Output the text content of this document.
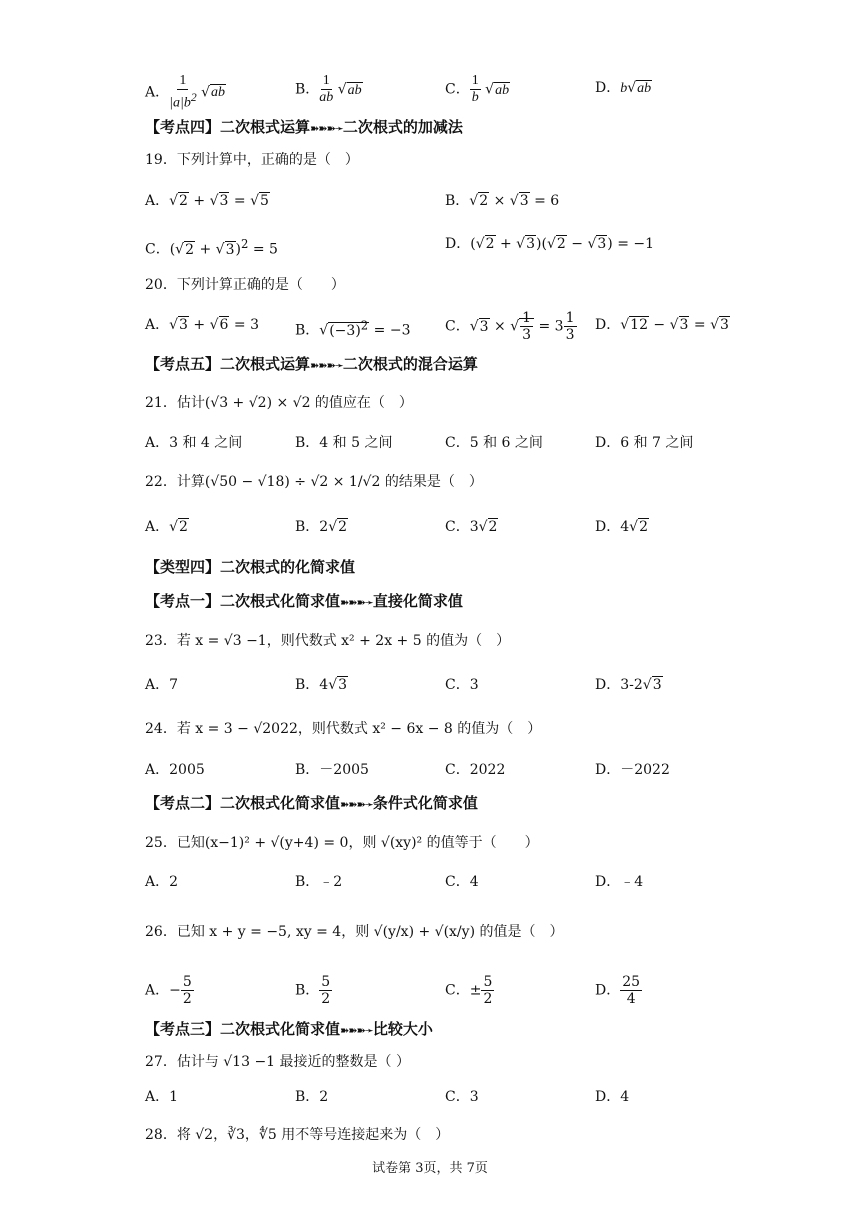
A． $\frac{1}{|a|b^2} √ab$	B． $\frac{1}{ab} √ab$	C． $\frac{1}{b} √ab$	D．b√ab
【考点四】二次根式运算➽➽➽➛二次根式的加减法
19．下列计算中，正确的是（　）
A．√2 + √3 = √5	B．√2 × √3 = 6
C．$(√2 + √3)^2 = 5$	D．(√2 + √3)(√2 − √3) = −1
20．下列计算正确的是（　　）
A．√3 + √6 = 3	B．$√(-3)^2 = -3$ C．√3 × √ $\frac{1}{3} = 3 \frac{1}{3}$ D．√12 − √3 = √3
【考点五】二次根式运算➽➽➽➛二次根式的混合运算
21．估计(√3 + √2) × √2 的值应在（　）
A．3 和 4 之间	B．4 和 5 之间	C．5 和 6 之间	D．6 和 7 之间
22．计算(√50 − √18) ÷ √2 × 1/√2 的结果是（　）
A．√2	B．2√2	C．3√2	D．4√2
【类型四】二次根式的化简求值
【考点一】二次根式化简求值➽➽➽➛直接化简求值
23．若 x = √3 −1，则代数式 x² + 2x + 5 的值为（　）
A．7	B．4√3	C．3	D．3-2√3
24．若 x = 3 − √2022，则代数式 x² − 6x − 8 的值为（　）
A．2005	B．－2005	C．2022	D．－2022
【考点二】二次根式化简求值➽➽➽➛条件式化简求值
25．已知(x−1)² + √(y+4) = 0，则 √(xy)² 的值等于（　　）
A．2	B．﹣2	C．4	D．﹣4
26．已知 x + y = −5, xy = 4，则 √(y/x) + √(x/y) 的值是（　）
A．− $\frac{5}{2}$	B． $\frac{5}{2}$	C．± $\frac{5}{2}$	D． $\frac{25}{4}$
【考点三】二次根式化简求值➽➽➽➛比较大小
27．估计与 √13 −1 最接近的整数是（ ）
A．1	B．2	C．3	D．4
28．将 √2，∛3，∜5 用不等号连接起来为（　）
试卷第 3页，共 7页
